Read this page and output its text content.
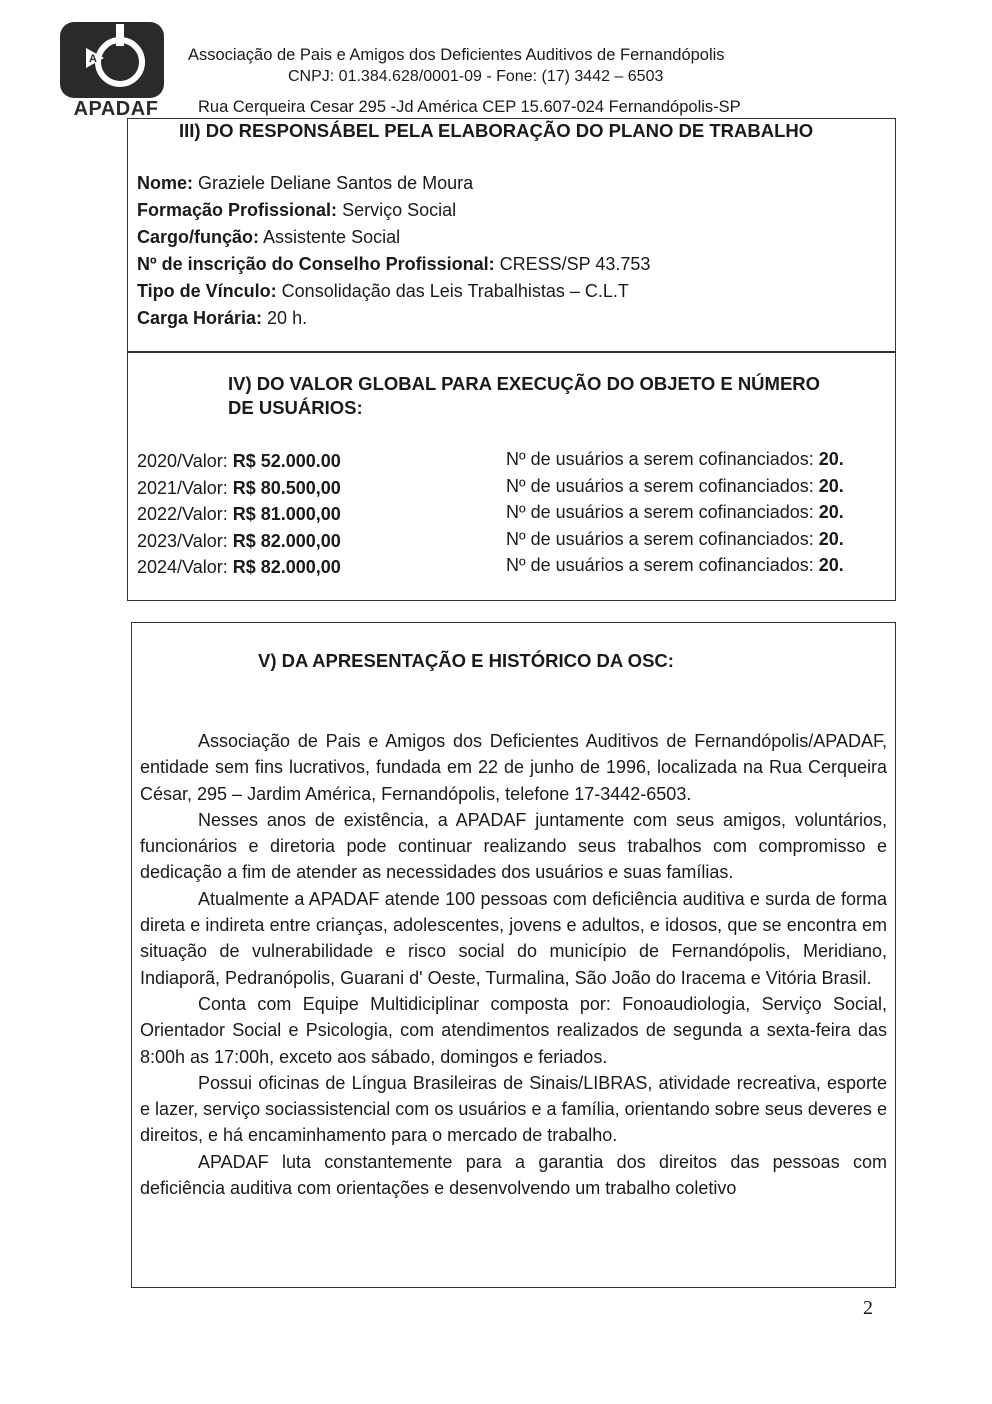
A
APADAF
Associação de Pais e Amigos dos Deficientes Auditivos de Fernandópolis
CNPJ: 01.384.628/0001-09 - Fone: (17) 3442 – 6503
Rua Cerqueira Cesar 295 -Jd América CEP 15.607-024 Fernandópolis-SP
III) DO RESPONSÁBEL PELA ELABORAÇÃO DO PLANO DE TRABALHO
Nome: Graziele Deliane Santos de Moura
Formação Profissional: Serviço Social
Cargo/função: Assistente Social
Nº de inscrição do Conselho Profissional: CRESS/SP 43.753
Tipo de Vínculo: Consolidação das Leis Trabalhistas – C.L.T
Carga Horária: 20 h.
IV) DO VALOR GLOBAL PARA EXECUÇÃO DO OBJETO E NÚMERO
DE USUÁRIOS:
2020/Valor: R$ 52.000.00
2021/Valor: R$ 80.500,00
2022/Valor: R$ 81.000,00
2023/Valor: R$ 82.000,00
2024/Valor: R$ 82.000,00
Nº de usuários a serem cofinanciados: 20.
Nº de usuários a serem cofinanciados: 20.
Nº de usuários a serem cofinanciados: 20.
Nº de usuários a serem cofinanciados: 20.
Nº de usuários a serem cofinanciados: 20.
V) DA APRESENTAÇÃO E HISTÓRICO DA OSC:

Associação de Pais e Amigos dos Deficientes Auditivos de Fernandópolis/APADAF, entidade sem fins lucrativos, fundada em 22 de junho de 1996, localizada na Rua Cerqueira César, 295 – Jardim América, Fernandópolis, telefone 17-3442-6503.

Nesses anos de existência, a APADAF juntamente com seus amigos, voluntários, funcionários e diretoria pode continuar realizando seus trabalhos com compromisso e dedicação a fim de atender as necessidades dos usuários e suas famílias.

Atualmente a APADAF atende 100 pessoas com deficiência auditiva e surda de forma direta e indireta entre crianças, adolescentes, jovens e adultos, e idosos, que se encontra em situação de vulnerabilidade e risco social do município de Fernandópolis, Meridiano, Indiaporã, Pedranópolis, Guarani d' Oeste, Turmalina, São João do Iracema e Vitória Brasil.

Conta com Equipe Multidiciplinar composta por: Fonoaudiologia, Serviço Social, Orientador Social e Psicologia, com atendimentos realizados de segunda a sexta-feira das 8:00h as 17:00h, exceto aos sábado, domingos e feriados.

Possui oficinas de Língua Brasileiras de Sinais/LIBRAS, atividade recreativa, esporte e lazer, serviço sociassistencial com os usuários e a família, orientando sobre seus deveres e direitos, e há encaminhamento para o mercado de trabalho.

APADAF luta constantemente para a garantia dos direitos das pessoas com deficiência auditiva com orientações e desenvolvendo um trabalho coletivo

2
